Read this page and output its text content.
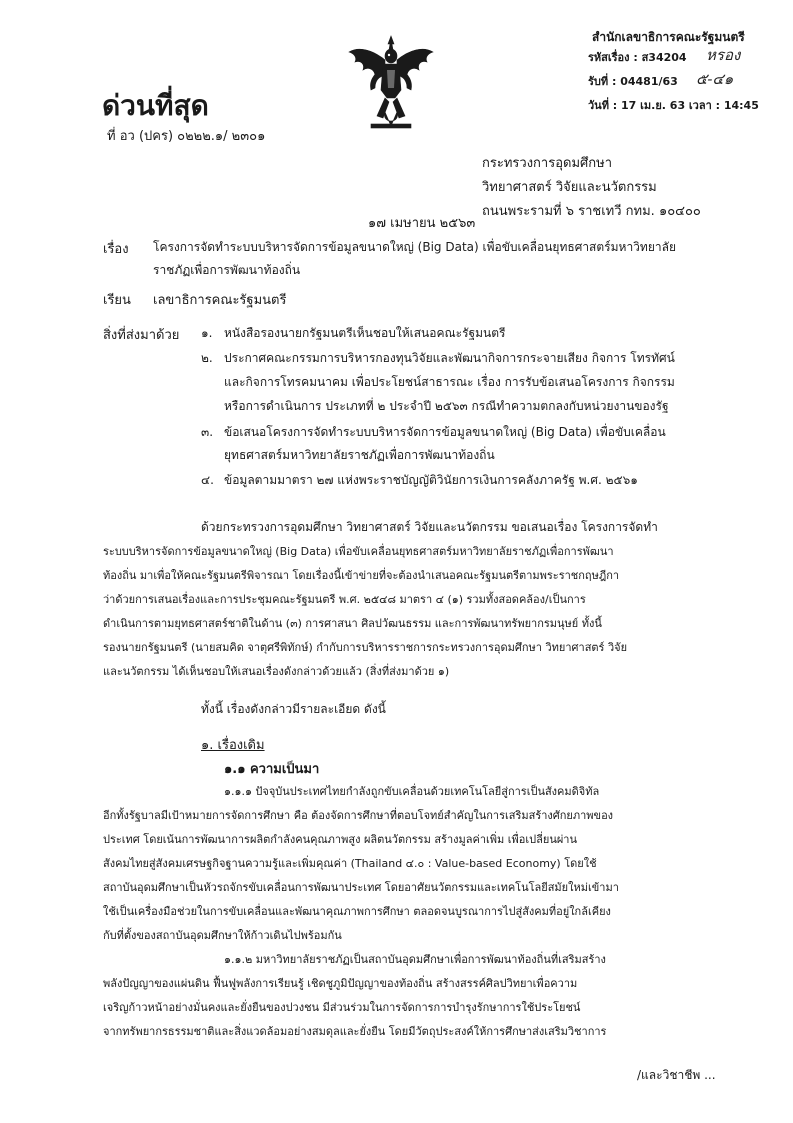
ด่วนที่สุด
ที่ อว (ปคร) ๐๒๒๒.๑/ ๒๓๐๑
สำนักเลขาธิการคณะรัฐมนตรี
รหัสเรื่อง : ส34204 หรอง
รับที่ : 04481/63 ๕-๔๑
วันที่ : 17 เม.ย. 63 เวลา : 14:45
กระทรวงการอุดมศึกษา
วิทยาศาสตร์ วิจัยและนวัตกรรม
ถนนพระรามที่ ๖ ราชเทวี กทม. ๑๐๔๐๐
๑๗ เมษายน ๒๕๖๓
เรื่อง โครงการจัดทำระบบบริหารจัดการข้อมูลขนาดใหญ่ (Big Data) เพื่อขับเคลื่อนยุทธศาสตร์มหาวิทยาลัย
ราชภัฏเพื่อการพัฒนาท้องถิ่น
เรียน เลขาธิการคณะรัฐมนตรี
สิ่งที่ส่งมาด้วย ๑. หนังสือรองนายกรัฐมนตรีเห็นชอบให้เสนอคณะรัฐมนตรี
๒. ประกาศคณะกรรมการบริหารกองทุนวิจัยและพัฒนากิจการกระจายเสียง กิจการ โทรทัศน์
และกิจการโทรคมนาคม เพื่อประโยชน์สาธารณะ เรื่อง การรับข้อเสนอโครงการ กิจกรรม
หรือการดำเนินการ ประเภทที่ ๒ ประจำปี ๒๕๖๓ กรณีทำความตกลงกับหน่วยงานของรัฐ
๓. ข้อเสนอโครงการจัดทำระบบบริหารจัดการข้อมูลขนาดใหญ่ (Big Data) เพื่อขับเคลื่อน
ยุทธศาสตร์มหาวิทยาลัยราชภัฏเพื่อการพัฒนาท้องถิ่น
๔. ข้อมูลตามมาตรา ๒๗ แห่งพระราชบัญญัติวินัยการเงินการคลังภาครัฐ พ.ศ. ๒๕๖๑
ด้วยกระทรวงการอุดมศึกษา วิทยาศาสตร์ วิจัยและนวัตกรรม ขอเสนอเรื่อง โครงการจัดทำ
ระบบบริหารจัดการข้อมูลขนาดใหญ่ (Big Data) เพื่อขับเคลื่อนยุทธศาสตร์มหาวิทยาลัยราชภัฏเพื่อการพัฒนา
ท้องถิ่น มาเพื่อให้คณะรัฐมนตรีพิจารณา โดยเรื่องนี้เข้าข่ายที่จะต้องนำเสนอคณะรัฐมนตรีตามพระราชกฤษฎีกา
ว่าด้วยการเสนอเรื่องและการประชุมคณะรัฐมนตรี พ.ศ. ๒๕๔๘ มาตรา ๔ (๑) รวมทั้งสอดคล้อง/เป็นการ
ดำเนินการตามยุทธศาสตร์ชาติในด้าน (๓) การศาสนา ศิลปวัฒนธรรม และการพัฒนาทรัพยากรมนุษย์ ทั้งนี้
รองนายกรัฐมนตรี (นายสมคิด จาตุศรีพิทักษ์) กำกับการบริหารราชการกระทรวงการอุดมศึกษา วิทยาศาสตร์ วิจัย
และนวัตกรรม ได้เห็นชอบให้เสนอเรื่องดังกล่าวด้วยแล้ว (สิ่งที่ส่งมาด้วย ๑)
ทั้งนี้ เรื่องดังกล่าวมีรายละเอียด ดังนี้
๑. เรื่องเดิม
๑.๑ ความเป็นมา
๑.๑.๑ ปัจจุบันประเทศไทยกำลังถูกขับเคลื่อนด้วยเทคโนโลยีสู่การเป็นสังคมดิจิทัล
อีกทั้งรัฐบาลมีเป้าหมายการจัดการศึกษา คือ ต้องจัดการศึกษาที่ตอบโจทย์สำคัญในการเสริมสร้างศักยภาพของ
ประเทศ โดยเน้นการพัฒนาการผลิตกำลังคนคุณภาพสูง ผลิตนวัตกรรม สร้างมูลค่าเพิ่ม เพื่อเปลี่ยนผ่าน
สังคมไทยสู่สังคมเศรษฐกิจฐานความรู้และเพิ่มคุณค่า (Thailand ๔.๐ : Value-based Economy) โดยใช้
สถาบันอุดมศึกษาเป็นหัวรถจักรขับเคลื่อนการพัฒนาประเทศ โดยอาศัยนวัตกรรมและเทคโนโลยีสมัยใหม่เข้ามา
ใช้เป็นเครื่องมือช่วยในการขับเคลื่อนและพัฒนาคุณภาพการศึกษา ตลอดจนบูรณาการไปสู่สังคมที่อยู่ใกล้เคียง
กับที่ตั้งของสถาบันอุดมศึกษาให้ก้าวเดินไปพร้อมกัน
๑.๑.๒ มหาวิทยาลัยราชภัฏเป็นสถาบันอุดมศึกษาเพื่อการพัฒนาท้องถิ่นที่เสริมสร้าง
พลังปัญญาของแผ่นดิน ฟื้นฟูพลังการเรียนรู้ เชิดชูภูมิปัญญาของท้องถิ่น สร้างสรรค์ศิลปวิทยาเพื่อความ
เจริญก้าวหน้าอย่างมั่นคงและยั่งยืนของปวงชน มีส่วนร่วมในการจัดการการบำรุงรักษาการใช้ประโยชน์
จากทรัพยากรธรรมชาติและสิ่งแวดล้อมอย่างสมดุลและยั่งยืน โดยมีวัตถุประสงค์ให้การศึกษาส่งเสริมวิชาการ
/และวิชาชีพ ...
